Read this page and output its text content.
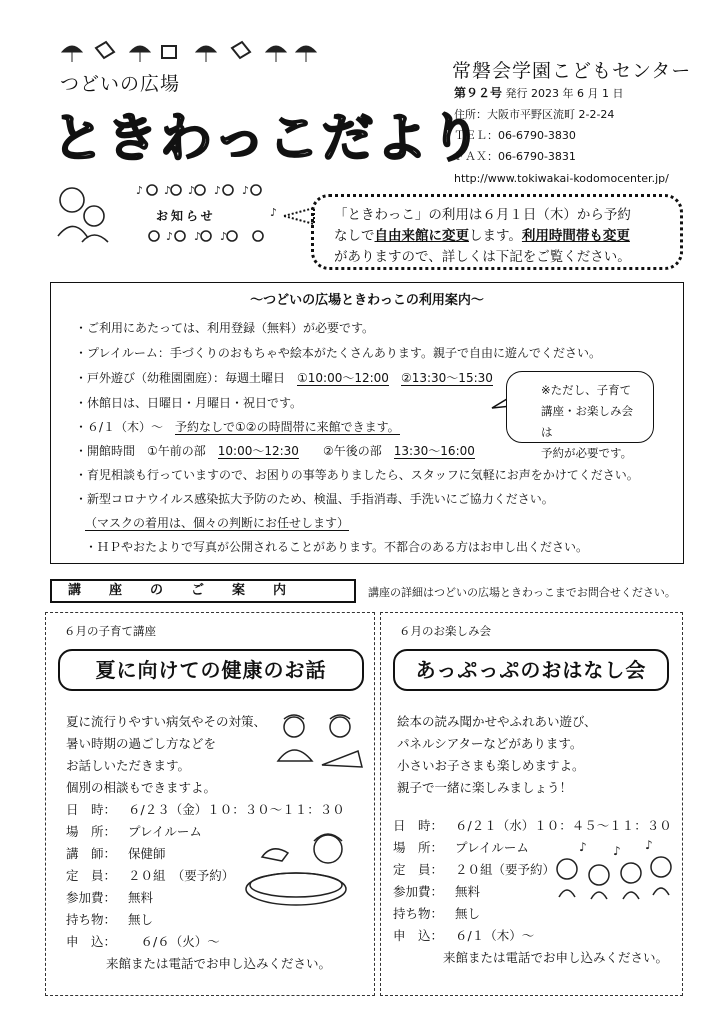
つどいの広場
ときわっこだより
常磐会学園こどもセンター
第９２号 発行 2023 年 6 月 1 日
住所：大阪市平野区流町 2-2-24
ＴＥＬ：06-6790-3830
ＦＡＸ：06-6790-3831
http://www.tokiwakai-kodomocenter.jp/
♪ ♪ ♪ ♪ ♪
♪
♪ ♪ ♪
お知らせ	「ときわっこ」の利用は６月１日（木）から予約
なしで自由来館に変更します。利用時間帯も変更
がありますので、詳しくは下記をご覧ください。
～つどいの広場ときわっこの利用案内～
・ご利用にあたっては、利用登録（無料）が必要です。
・プレイルーム：手づくりのおもちゃや絵本がたくさんあります。親子で自由に遊んでください。
・戸外遊び（幼稚園園庭）：毎週土曜日　①10:00～12:00　 ②13:30～15:30
・休館日は、日曜日・月曜日・祝日です。
・６/１（木）～　予約なしで①②の時間帯に来館できます。
・開館時間　①午前の部　10:00～12:30　　 ②午後の部　13:30～16:00
・育児相談も行っていますので、お困りの事等ありましたら、スタッフに気軽にお声をかけてください。
・新型コロナウイルス感染拡大予防のため、検温、手指消毒、手洗いにご協力ください。
（マスクの着用は、個々の判断にお任せします）
・ＨＰやおたよりで写真が公開されることがあります。不都合のある方はお申し出ください。
※ただし、子育て
講座・お楽しみ会は
予約が必要です。
講座のご案内	講座の詳細はつどいの広場ときわっこまでお問合せください。
６月の子育て講座
夏に向けての健康のお話
夏に流行りやすい病気やその対策、
暑い時期の過ごし方などを
お話しいただきます。
個別の相談もできますよ。
日　時： ６/２３（金）１０：３０～１１：３０
場　所： プレイルーム
講　師： 保健師
定　員： ２０組　（要予約）
参加費： 無料
持ち物： 無し
申　込：　６/６（火）～
来館または電話でお申し込みください。
６月のお楽しみ会
あっぷっぷのおはなし会
絵本の読み聞かせやふれあい遊び、
パネルシアターなどがあります。
小さいお子さまも楽しめますよ。
親子で一緒に楽しみましょう！
日　時： ６/２１（水）１０：４５～１１：３０
場　所： プレイルーム
定　員： ２０組（要予約）
参加費： 無料
持ち物： 無し
申　込： ６/１（木）～
来館または電話でお申し込みください。
♪	♪
♪
